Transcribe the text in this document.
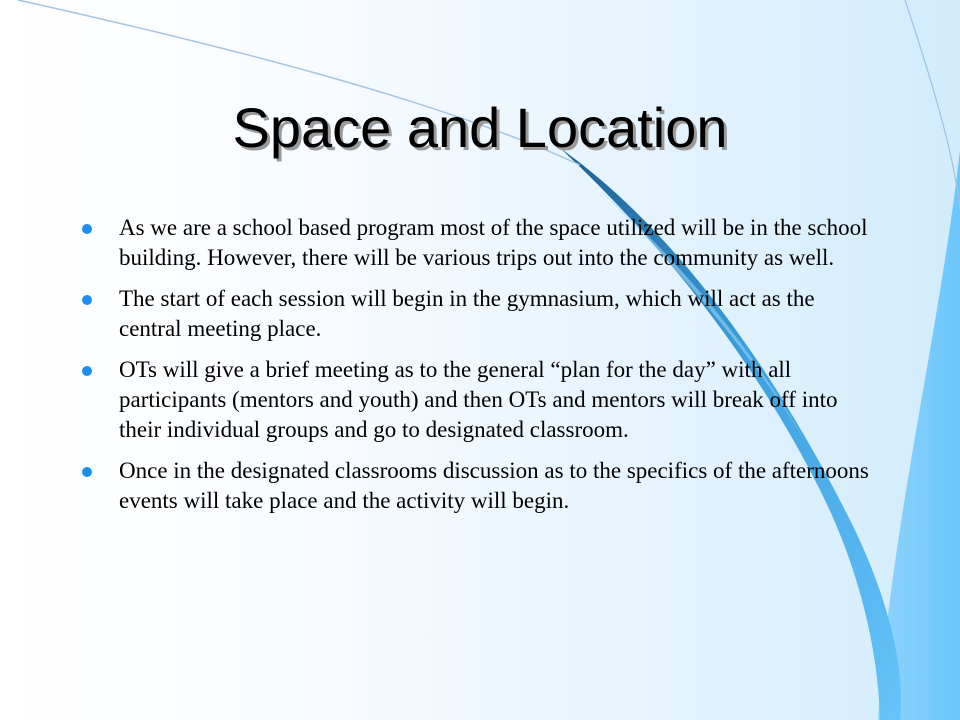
Space and Location
As we are a school based program most of the space utilized will be in the school building. However, there will be various trips out into the community as well.
The start of each session will begin in the gymnasium, which will act as the central meeting place.
OTs will give a brief meeting as to the general “plan for the day” with all participants (mentors and youth) and then OTs and mentors will break off into their individual groups and go to designated classroom.
Once in the designated classrooms discussion as to the specifics of the afternoons events will take place and the activity will begin.
